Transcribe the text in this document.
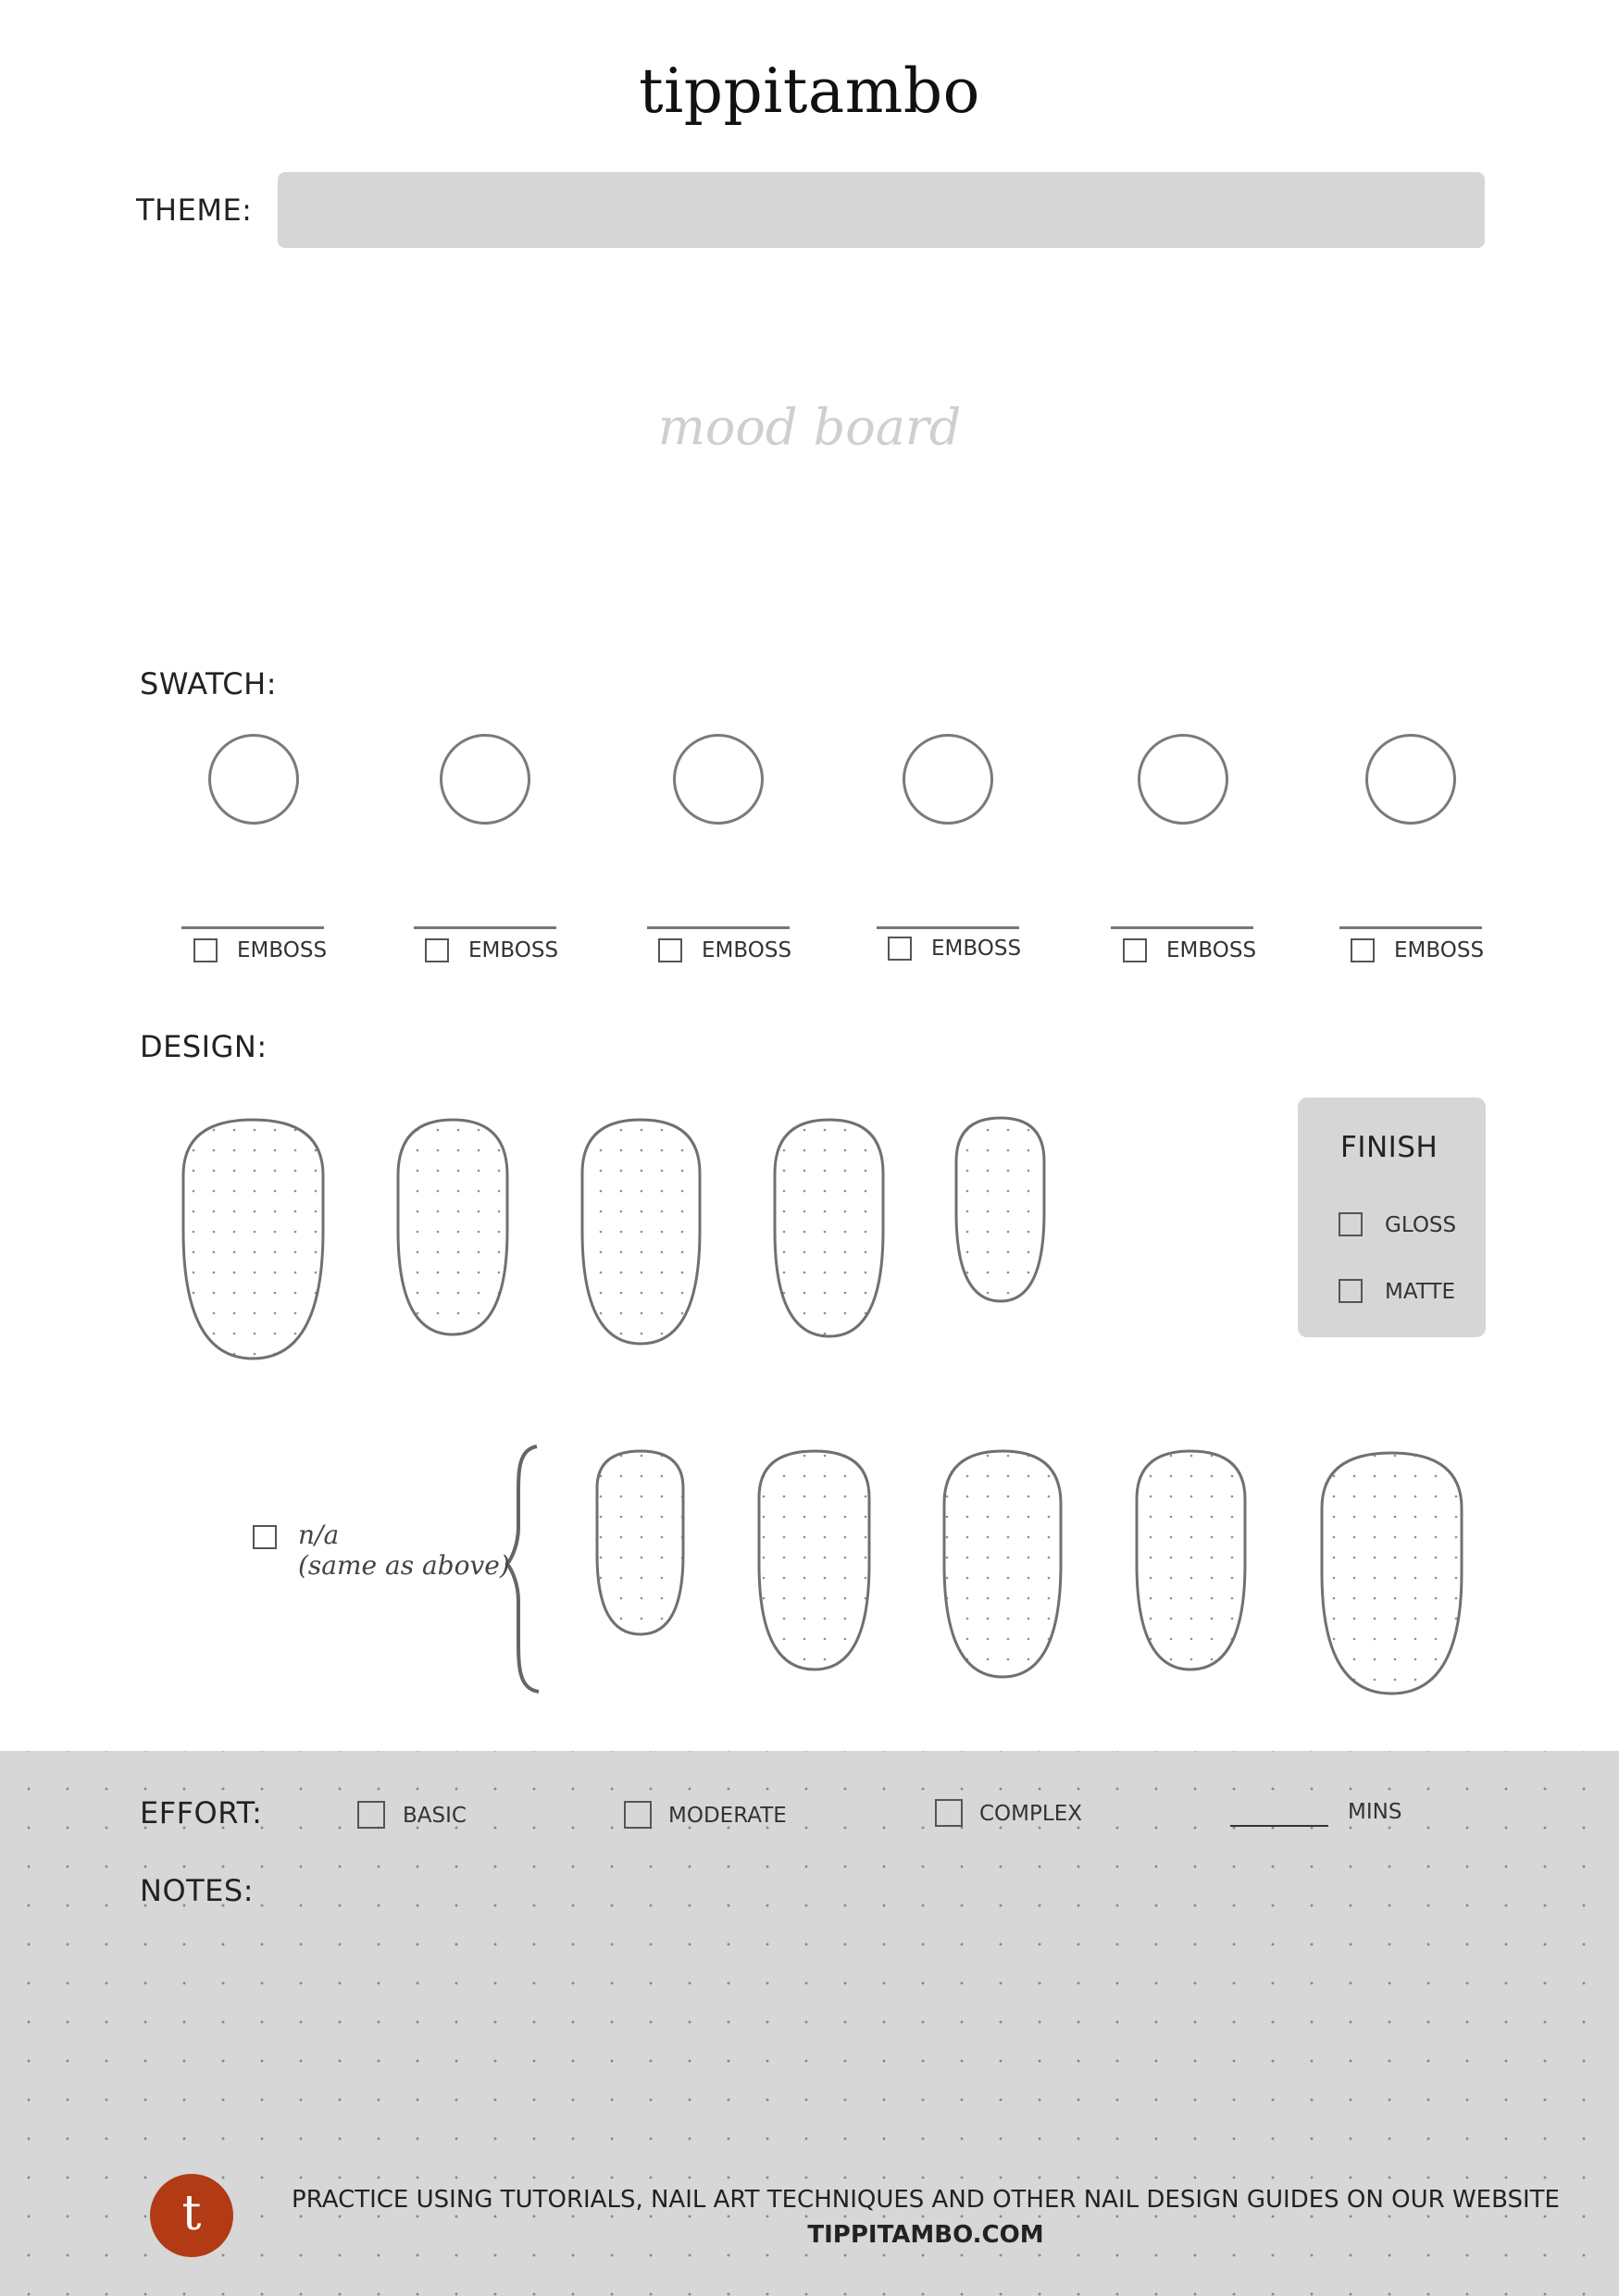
tippitambo
THEME:
mood board
SWATCH:
EMBOSS	EMBOSS	EMBOSS	EMBOSS	EMBOSS	EMBOSS
DESIGN:
FINISH
GLOSS
MATTE
n/a
(same as above)
EFFORT:	BASIC	MODERATE	COMPLEX	MINS
NOTES:
t	PRACTICE USING TUTORIALS, NAIL ART TECHNIQUES AND OTHER NAIL DESIGN GUIDES ON OUR WEBSITE
TIPPITAMBO.COM
